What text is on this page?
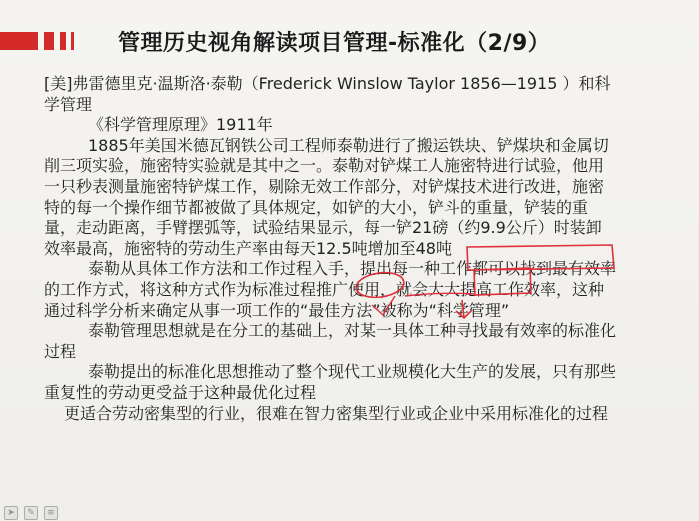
管理历史视角解读项目管理-标准化（2/9）
[美]弗雷德里克·温斯洛·泰勒（Frederick Winslow Taylor 1856—1915 ）和科
学管理
《科学管理原理》1911年
1885年美国米德瓦钢铁公司工程师泰勒进行了搬运铁块、铲煤块和金属切
削三项实验，施密特实验就是其中之一。泰勒对铲煤工人施密特进行试验，他用
一只秒表测量施密特铲煤工作，剔除无效工作部分，对铲煤技术进行改进，施密
特的每一个操作细节都被做了具体规定，如铲的大小，铲斗的重量，铲装的重
量，走动距离，手臂摆弧等，试验结果显示，每一铲21磅（约9.9公斤）时装卸
效率最高，施密特的劳动生产率由每天12.5吨增加至48吨
泰勒从具体工作方法和工作过程入手，提出每一种工作都可以找到最有效率
的工作方式，将这种方式作为标准过程推广使用，就会大大提高工作效率，这种
通过科学分析来确定从事一项工作的“最佳方法”被称为“科学管理”
泰勒管理思想就是在分工的基础上，对某一具体工种寻找最有效率的标准化
过程
泰勒提出的标准化思想推动了整个现代工业规模化大生产的发展，只有那些
重复性的劳动更受益于这种最优化过程
更适合劳动密集型的行业，很难在智力密集型行业或企业中采用标准化的过程
➤	✎	≡
